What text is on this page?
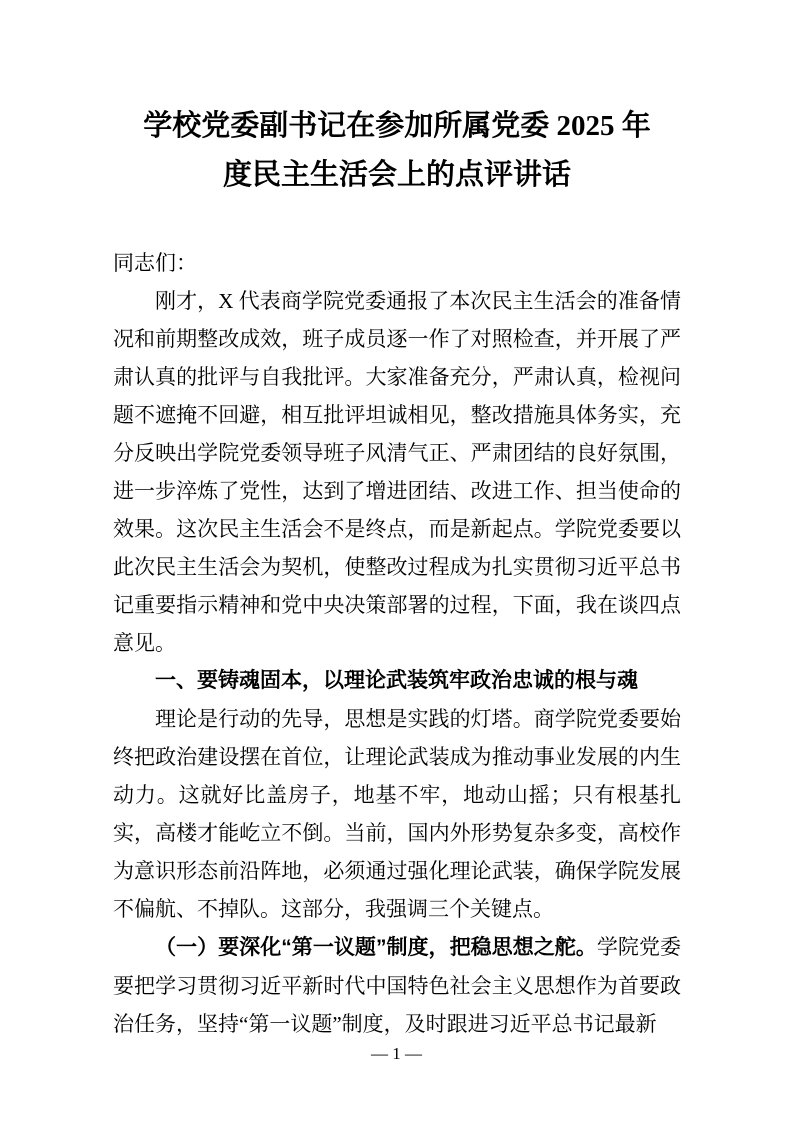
学校党委副书记在参加所属党委 2025 年
度民主生活会上的点评讲话

同志们：

刚才，X 代表商学院党委通报了本次民主生活会的准备情况和前期整改成效，班子成员逐一作了对照检查，并开展了严肃认真的批评与自我批评。大家准备充分，严肃认真，检视问题不遮掩不回避，相互批评坦诚相见，整改措施具体务实，充分反映出学院党委领导班子风清气正、严肃团结的良好氛围，进一步淬炼了党性，达到了增进团结、改进工作、担当使命的效果。这次民主生活会不是终点，而是新起点。学院党委要以此次民主生活会为契机，使整改过程成为扎实贯彻习近平总书记重要指示精神和党中央决策部署的过程，下面，我在谈四点意见。

一、要铸魂固本，以理论武装筑牢政治忠诚的根与魂

理论是行动的先导，思想是实践的灯塔。商学院党委要始终把政治建设摆在首位，让理论武装成为推动事业发展的内生动力。这就好比盖房子，地基不牢，地动山摇；只有根基扎实，高楼才能屹立不倒。当前，国内外形势复杂多变，高校作为意识形态前沿阵地，必须通过强化理论武装，确保学院发展不偏航、不掉队。这部分，我强调三个关键点。

（一）要深化“第一议题”制度，把稳思想之舵。学院党委要把学习贯彻习近平新时代中国特色社会主义思想作为首要政治任务，坚持“第一议题”制度，及时跟进习近平总书记最新

— 1 —
